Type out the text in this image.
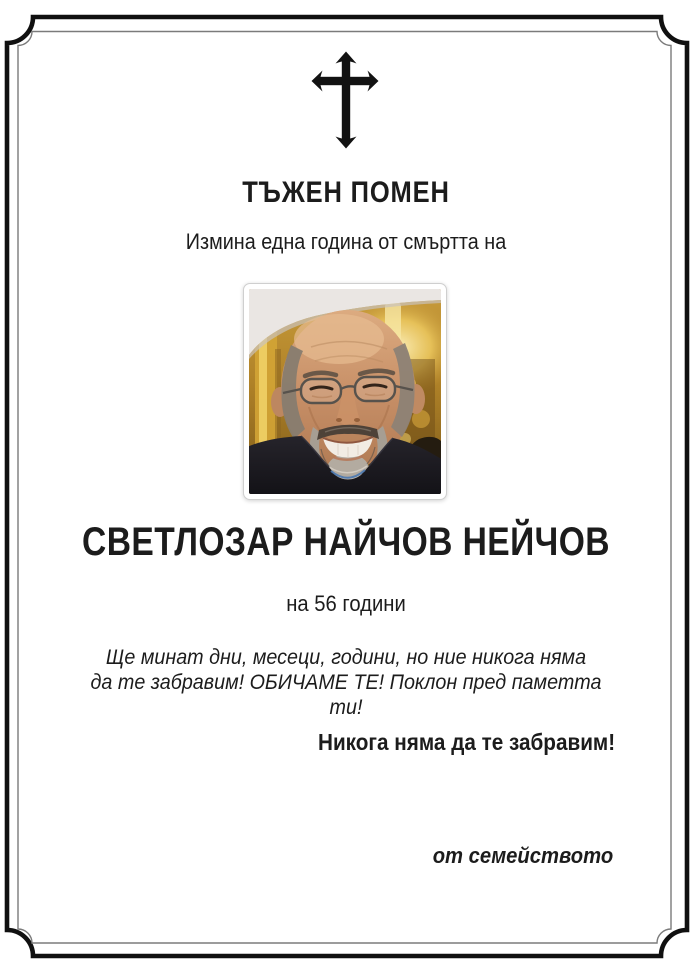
ТЪЖЕН ПОМЕН
Измина една година от смъртта на
СВЕТЛОЗАР НАЙЧОВ НЕЙЧОВ
на 56 години
Ще минат дни, месеци, години, но ние никога няма
да те забравим! ОБИЧАМЕ ТЕ! Поклон пред паметта
ти!
Никога няма да те забравим!
от семейството
